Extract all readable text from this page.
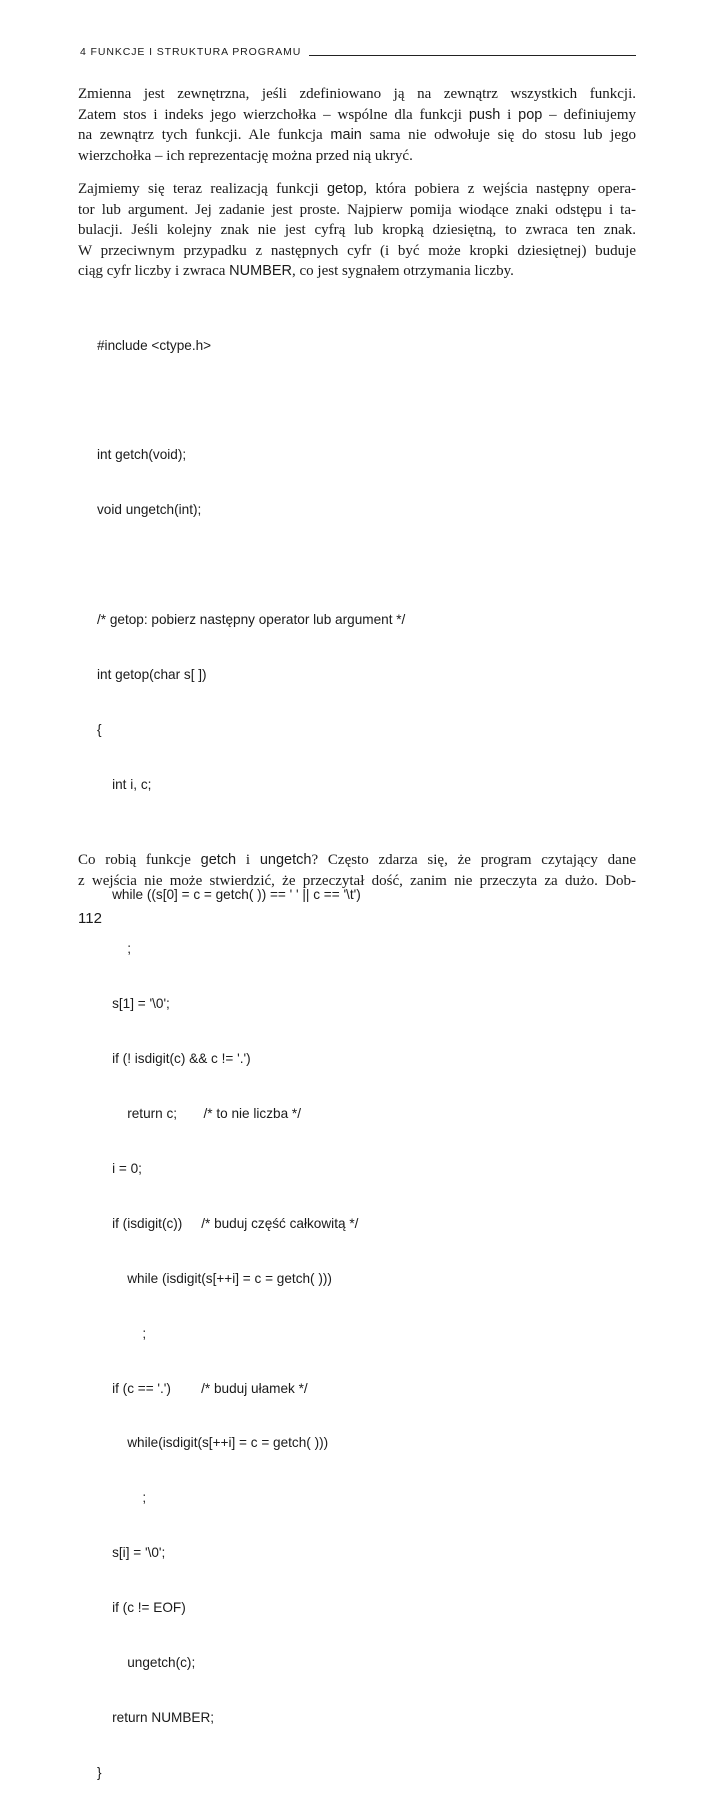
4 FUNKCJE I STRUKTURA PROGRAMU
Zmienna jest zewnętrzna, jeśli zdefiniowano ją na zewnątrz wszystkich funkcji.
Zatem stos i indeks jego wierzchołka – wspólne dla funkcji push i pop – definiujemy
na zewnątrz tych funkcji. Ale funkcja main sama nie odwołuje się do stosu lub jego
wierzchołka – ich reprezentację można przed nią ukryć.
Zajmiemy się teraz realizacją funkcji getop, która pobiera z wejścia następny opera-
tor lub argument. Jej zadanie jest proste. Najpierw pomija wiodące znaki odstępu i ta-
bulacji. Jeśli kolejny znak nie jest cyfrą lub kropką dziesiętną, to zwraca ten znak.
W przeciwnym przypadku z następnych cyfr (i być może kropki dziesiętnej) buduje
ciąg cyfr liczby i zwraca NUMBER, co jest sygnałem otrzymania liczby.

#include <ctype.h>

int getch(void);

void ungetch(int);

/* getop: pobierz następny operator lub argument */

int getop(char s[ ])

{

int i, c;

while ((s[0] = c = getch( )) == ' ' || c == '\t')

;

s[1] = '\0';

if (! isdigit(c) && c != '.')

return c;       /* to nie liczba */

i = 0;

if (isdigit(c))     /* buduj część całkowitą */

while (isdigit(s[++i] = c = getch( )))

;

if (c == '.')        /* buduj ułamek */

while(isdigit(s[++i] = c = getch( )))

;

s[i] = '\0';

if (c != EOF)

ungetch(c);

return NUMBER;

}

Co robią funkcje getch i ungetch? Często zdarza się, że program czytający dane
z wejścia nie może stwierdzić, że przeczytał dość, zanim nie przeczyta za dużo. Dob-
112
